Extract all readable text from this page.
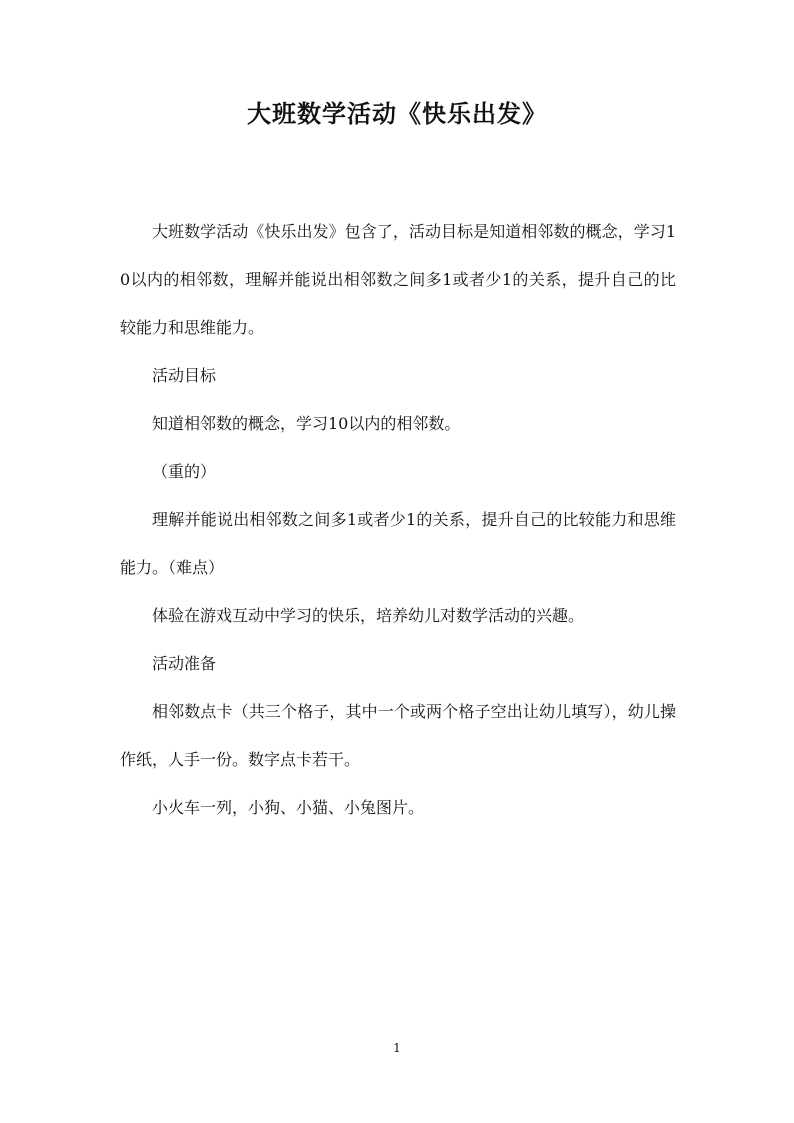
大班数学活动《快乐出发》

大班数学活动《快乐出发》包含了，活动目标是知道相邻数的概念，学习10以内的相邻数，理解并能说出相邻数之间多1或者少1的关系，提升自己的比较能力和思维能力。

活动目标

知道相邻数的概念，学习10以内的相邻数。

（重的）

理解并能说出相邻数之间多1或者少1的关系，提升自己的比较能力和思维能力。（难点）

体验在游戏互动中学习的快乐，培养幼儿对数学活动的兴趣。

活动准备

相邻数点卡（共三个格子，其中一个或两个格子空出让幼儿填写），幼儿操作纸，人手一份。数字点卡若干。

小火车一列，小狗、小猫、小兔图片。

1
